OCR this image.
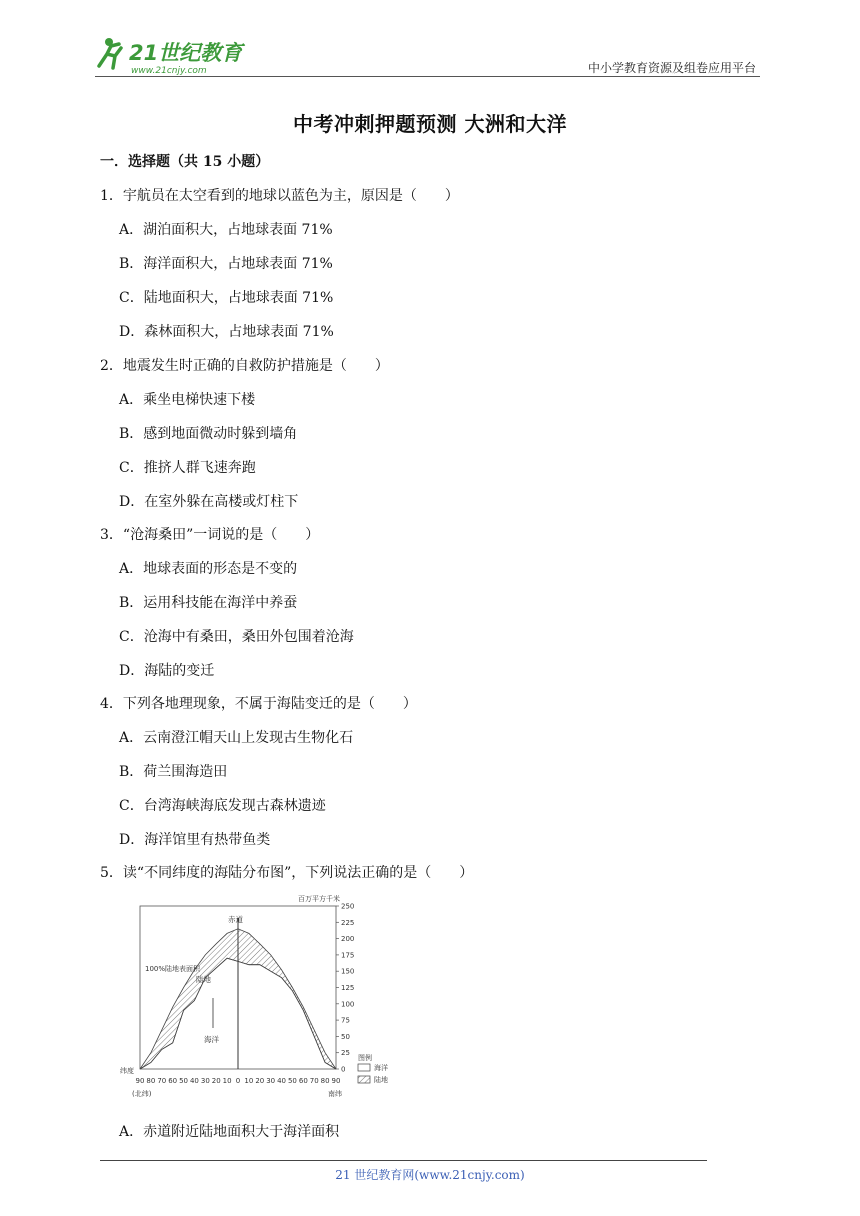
21世纪教育
www.21cnjy.com	中小学教育资源及组卷应用平台
中考冲刺押题预测 大洲和大洋
一．选择题（共 15 小题）
1．宇航员在太空看到的地球以蓝色为主，原因是（　　）
A．湖泊面积大，占地球表面 71%
B．海洋面积大，占地球表面 71%
C．陆地面积大，占地球表面 71%
D．森林面积大，占地球表面 71%
2．地震发生时正确的自救防护措施是（　　）
A．乘坐电梯快速下楼
B．感到地面微动时躲到墙角
C．推挤人群飞速奔跑
D．在室外躲在高楼或灯柱下
3．“沧海桑田”一词说的是（　　）
A．地球表面的形态是不变的
B．运用科技能在海洋中养蚕
C．沧海中有桑田，桑田外包围着沧海
D．海陆的变迁
4．下列各地理现象，不属于海陆变迁的是（　　）
A．云南澄江帽天山上发现古生物化石
B．荷兰围海造田
C．台湾海峡海底发现古森林遗迹
D．海洋馆里有热带鱼类
5．读“不同纬度的海陆分布图”，下列说法正确的是（　　）
0
25
50
75
100
125
150
175
200
225
250
90 80 70 60 50 40 30 20 10 0 10 20 30 40 50 60 70 80 90
百万平方千米
赤道
100%陆地表面积
陆地
海洋
纬度
(北纬)	南纬
图例
海洋
陆地
A．赤道附近陆地面积大于海洋面积
21 世纪教育网(www.21cnjy.com)
